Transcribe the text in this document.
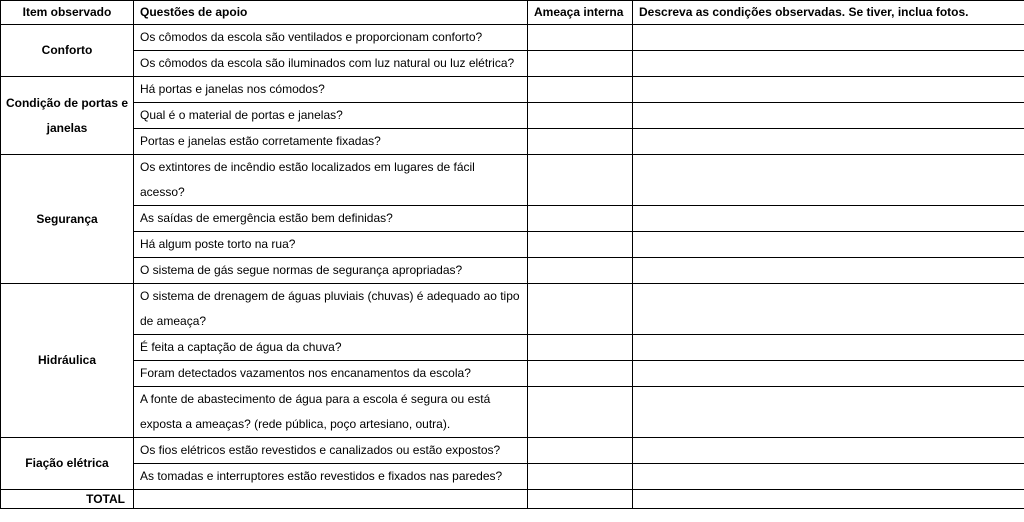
Item observado	Questões de apoio	Ameaça interna	Descreva as condições observadas. Se tiver, inclua fotos.
Conforto	Os cômodos da escola são ventilados e proporcionam conforto?		
	Os cômodos da escola são iluminados com luz natural ou luz elétrica?		
Condição de portas e janelas	Há portas e janelas nos cómodos?		
	Qual é o material de portas e janelas?		
	Portas e janelas estão corretamente fixadas?		
Segurança	Os extintores de incêndio estão localizados em lugares de fácil acesso?		
	As saídas de emergência estão bem definidas?		
	Há algum poste torto na rua?		
	O sistema de gás segue normas de segurança apropriadas?		
Hidráulica	O sistema de drenagem de águas pluviais (chuvas) é adequado ao tipo de ameaça?		
	É feita a captação de água da chuva?		
	Foram detectados vazamentos nos encanamentos da escola?		
	A fonte de abastecimento de água para a escola é segura ou está exposta a ameaças? (rede pública, poço artesiano, outra).		
Fiação elétrica	Os fios elétricos estão revestidos e canalizados ou estão expostos?		
	As tomadas e interruptores estão revestidos e fixados nas paredes?		
TOTAL			
